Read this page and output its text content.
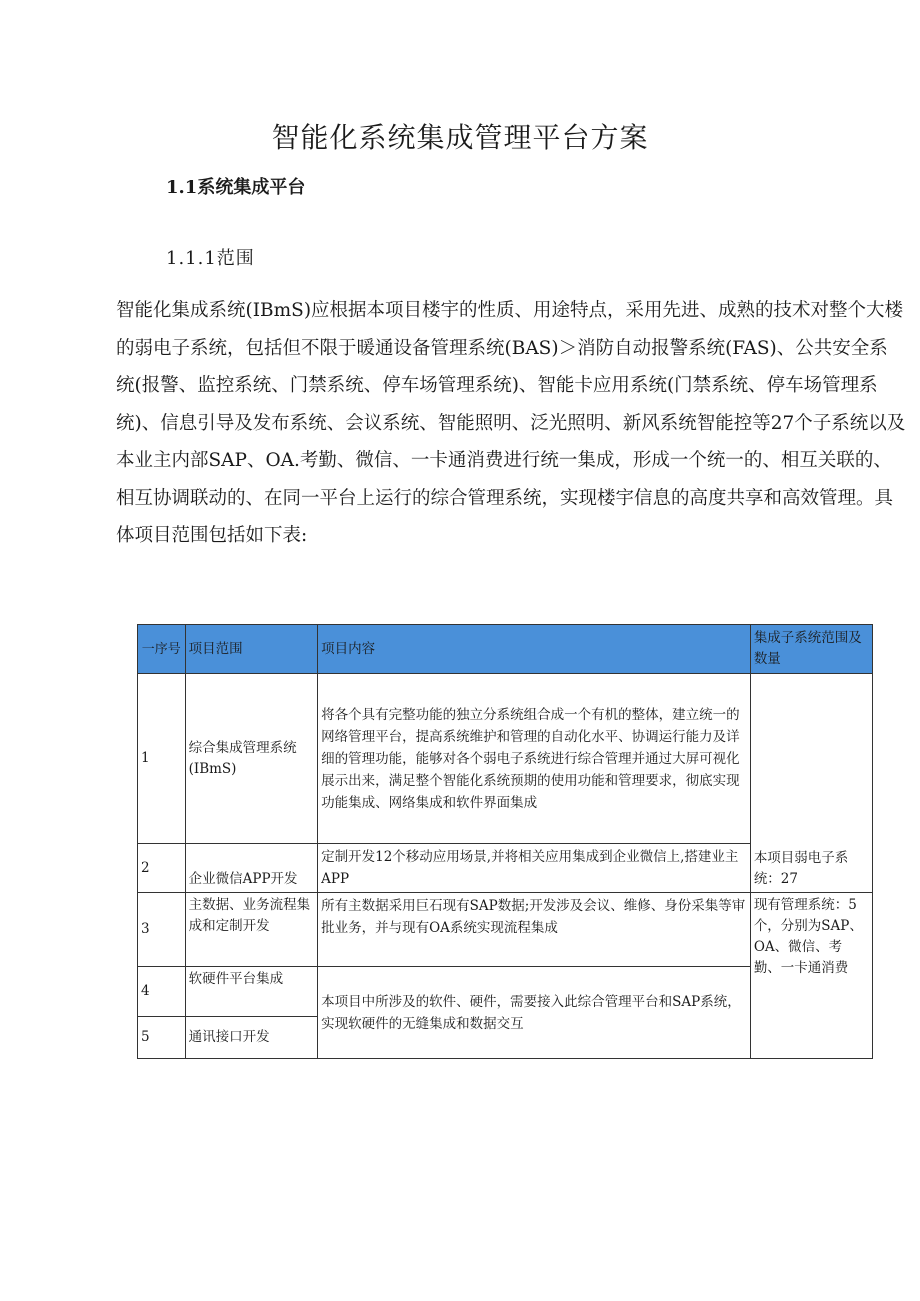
智能化系统集成管理平台方案
1.1系统集成平台
1.1.1范围

智能化集成系统(IBmS)应根据本项目楼宇的性质、用途特点，采用先进、成熟的技术对整个大楼的弱电子系统，包括但不限于暖通设备管理系统(BAS)＞消防自动报警系统(FAS)、公共安全系统(报警、监控系统、门禁系统、停车场管理系统)、智能卡应用系统(门禁系统、停车场管理系统)、信息引导及发布系统、会议系统、智能照明、泛光照明、新风系统智能控等27个子系统以及本业主内部SAP、OA.考勤、微信、一卡通消费进行统一集成，形成一个统一的、相互关联的、相互协调联动的、在同一平台上运行的综合管理系统，实现楼宇信息的高度共享和高效管理。具体项目范围包括如下表:

一序号	项目范围	项目内容	集成子系统范围及数量
1	综合集成管理系统(IBmS)	将各个具有完整功能的独立分系统组合成一个有机的整体，建立统一的网络管理平台，提高系统维护和管理的自动化水平、协调运行能力及详细的管理功能，能够对各个弱电子系统进行综合管理并通过大屏可视化展示出来，满足整个智能化系统预期的使用功能和管理要求，彻底实现功能集成、网络集成和软件界面集成	本项目弱电子系统：27
2	企业微信APP开发	定制开发12个移动应用场景,并将相关应用集成到企业微信上,搭建业主APP	
3	主数据、业务流程集成和定制开发	所有主数据采用巨石现有SAP数据;开发涉及会议、维修、身份采集等审批业务，并与现有OA系统实现流程集成	现有管理系统：5个，分别为SAP、OA、微信、考勤、一卡通消费
4	软硬件平台集成	本项目中所涉及的软件、硬件，需要接入此综合管理平台和SAP系统，实现软硬件的无缝集成和数据交互	
5	通讯接口开发		
